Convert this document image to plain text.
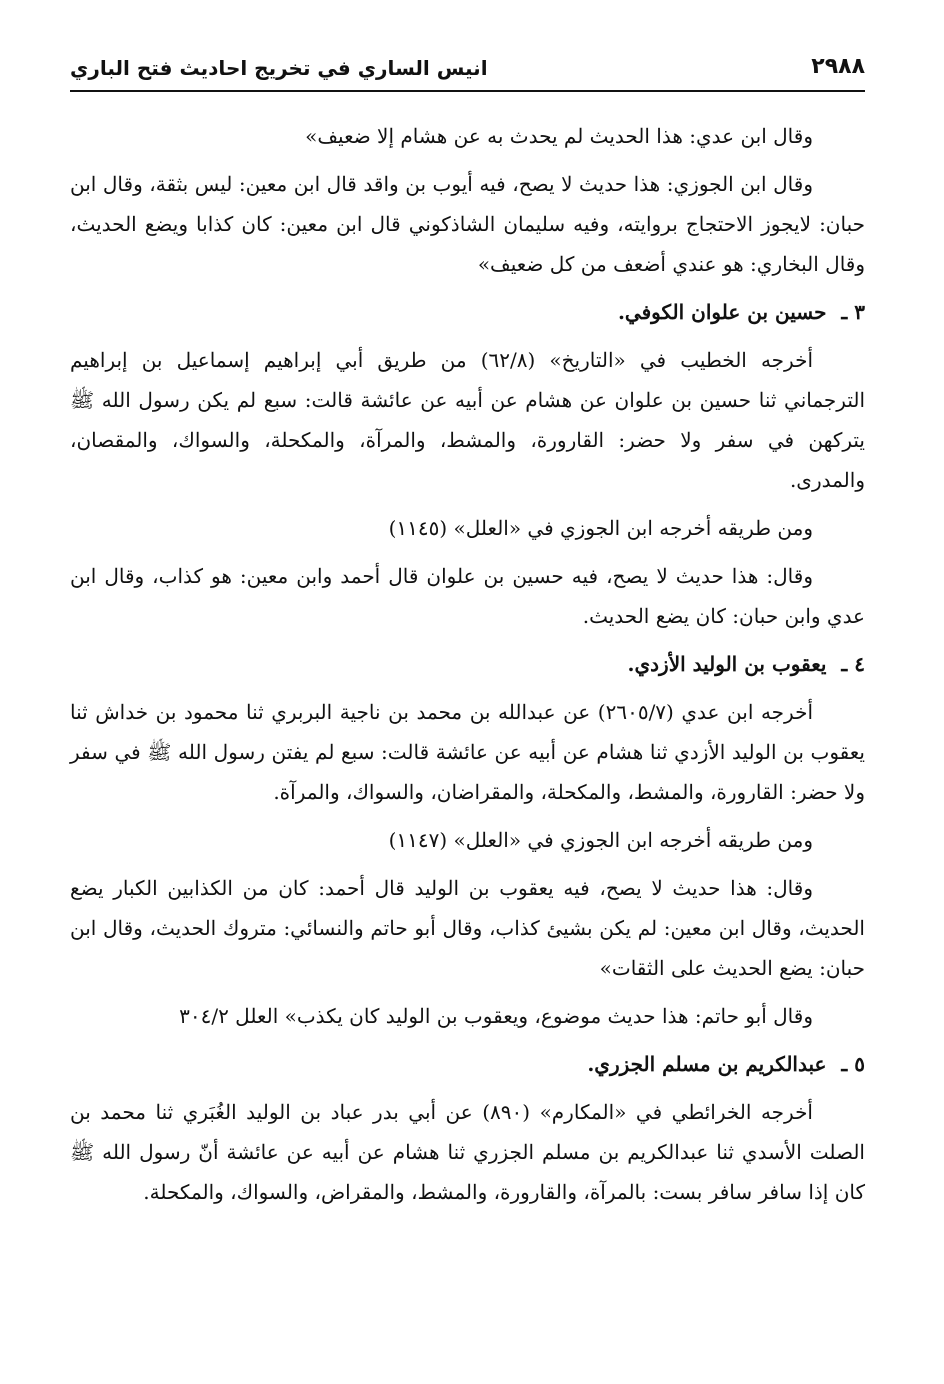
٢٩٨٨
انيس الساري في تخريج احاديث فتح الباري

وقال ابن عدي: هذا الحديث لم يحدث به عن هشام إلا ضعيف»

وقال ابن الجوزي: هذا حديث لا يصح، فيه أيوب بن واقد قال ابن معين: ليس بثقة، وقال ابن حبان: لايجوز الاحتجاج بروايته، وفيه سليمان الشاذكوني قال ابن معين: كان كذابا ويضع الحديث، وقال البخاري: هو عندي أضعف من كل ضعيف»

٣ ـ حسين بن علوان الكوفي.

أخرجه الخطيب في «التاريخ» (٦٢/٨) من طريق أبي إبراهيم إسماعيل بن إبراهيم الترجماني ثنا حسين بن علوان عن هشام عن أبيه عن عائشة قالت: سبع لم يكن رسول الله ﷺ يتركهن في سفر ولا حضر: القارورة، والمشط، والمرآة، والمكحلة، والسواك، والمقصان، والمدرى.

ومن طريقه أخرجه ابن الجوزي في «العلل» (١١٤٥)

وقال: هذا حديث لا يصح، فيه حسين بن علوان قال أحمد وابن معين: هو كذاب، وقال ابن عدي وابن حبان: كان يضع الحديث.

٤ ـ يعقوب بن الوليد الأزدي.

أخرجه ابن عدي (٢٦٠٥/٧) عن عبدالله بن محمد بن ناجية البربري ثنا محمود بن خداش ثنا يعقوب بن الوليد الأزدي ثنا هشام عن أبيه عن عائشة قالت: سبع لم يفتن رسول الله ﷺ في سفر ولا حضر: القارورة، والمشط، والمكحلة، والمقراضان، والسواك، والمرآة.

ومن طريقه أخرجه ابن الجوزي في «العلل» (١١٤٧)

وقال: هذا حديث لا يصح، فيه يعقوب بن الوليد قال أحمد: كان من الكذابين الكبار يضع الحديث، وقال ابن معين: لم يكن بشيئ كذاب، وقال أبو حاتم والنسائي: متروك الحديث، وقال ابن حبان: يضع الحديث على الثقات»

وقال أبو حاتم: هذا حديث موضوع، ويعقوب بن الوليد كان يكذب» العلل ٣٠٤/٢

٥ ـ عبدالكريم بن مسلم الجزري.

أخرجه الخرائطي في «المكارم» (٨٩٠) عن أبي بدر عباد بن الوليد الغُبَري ثنا محمد بن الصلت الأسدي ثنا عبدالكريم بن مسلم الجزري ثنا هشام عن أبيه عن عائشة أنّ رسول الله ﷺ كان إذا سافر سافر بست: بالمرآة، والقارورة، والمشط، والمقراض، والسواك، والمكحلة.
